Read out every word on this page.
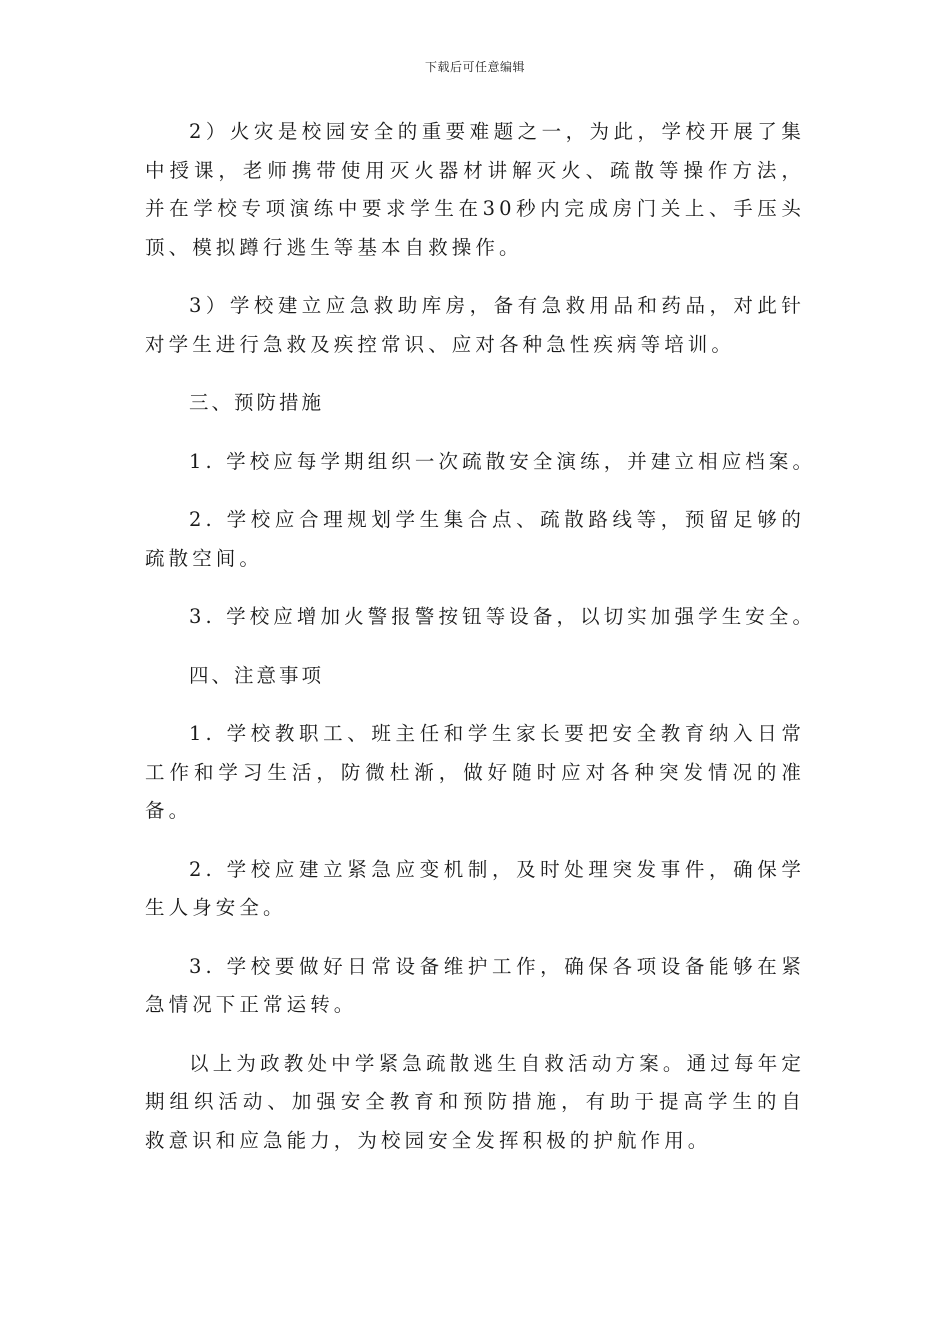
下载后可任意编辑

2）火灾是校园安全的重要难题之一，为此，学校开展了集中授课，老师携带使用灭火器材讲解灭火、疏散等操作方法，并在学校专项演练中要求学生在30秒内完成房门关上、手压头顶、模拟蹲行逃生等基本自救操作。

3）学校建立应急救助库房，备有急救用品和药品，对此针对学生进行急救及疾控常识、应对各种急性疾病等培训。

三、预防措施

1. 学校应每学期组织一次疏散安全演练，并建立相应档案。

2. 学校应合理规划学生集合点、疏散路线等，预留足够的疏散空间。

3. 学校应增加火警报警按钮等设备，以切实加强学生安全。

四、注意事项

1. 学校教职工、班主任和学生家长要把安全教育纳入日常工作和学习生活，防微杜渐，做好随时应对各种突发情况的准备。

2. 学校应建立紧急应变机制，及时处理突发事件，确保学生人身安全。

3. 学校要做好日常设备维护工作，确保各项设备能够在紧急情况下正常运转。

以上为政教处中学紧急疏散逃生自救活动方案。通过每年定期组织活动、加强安全教育和预防措施，有助于提高学生的自救意识和应急能力，为校园安全发挥积极的护航作用。
